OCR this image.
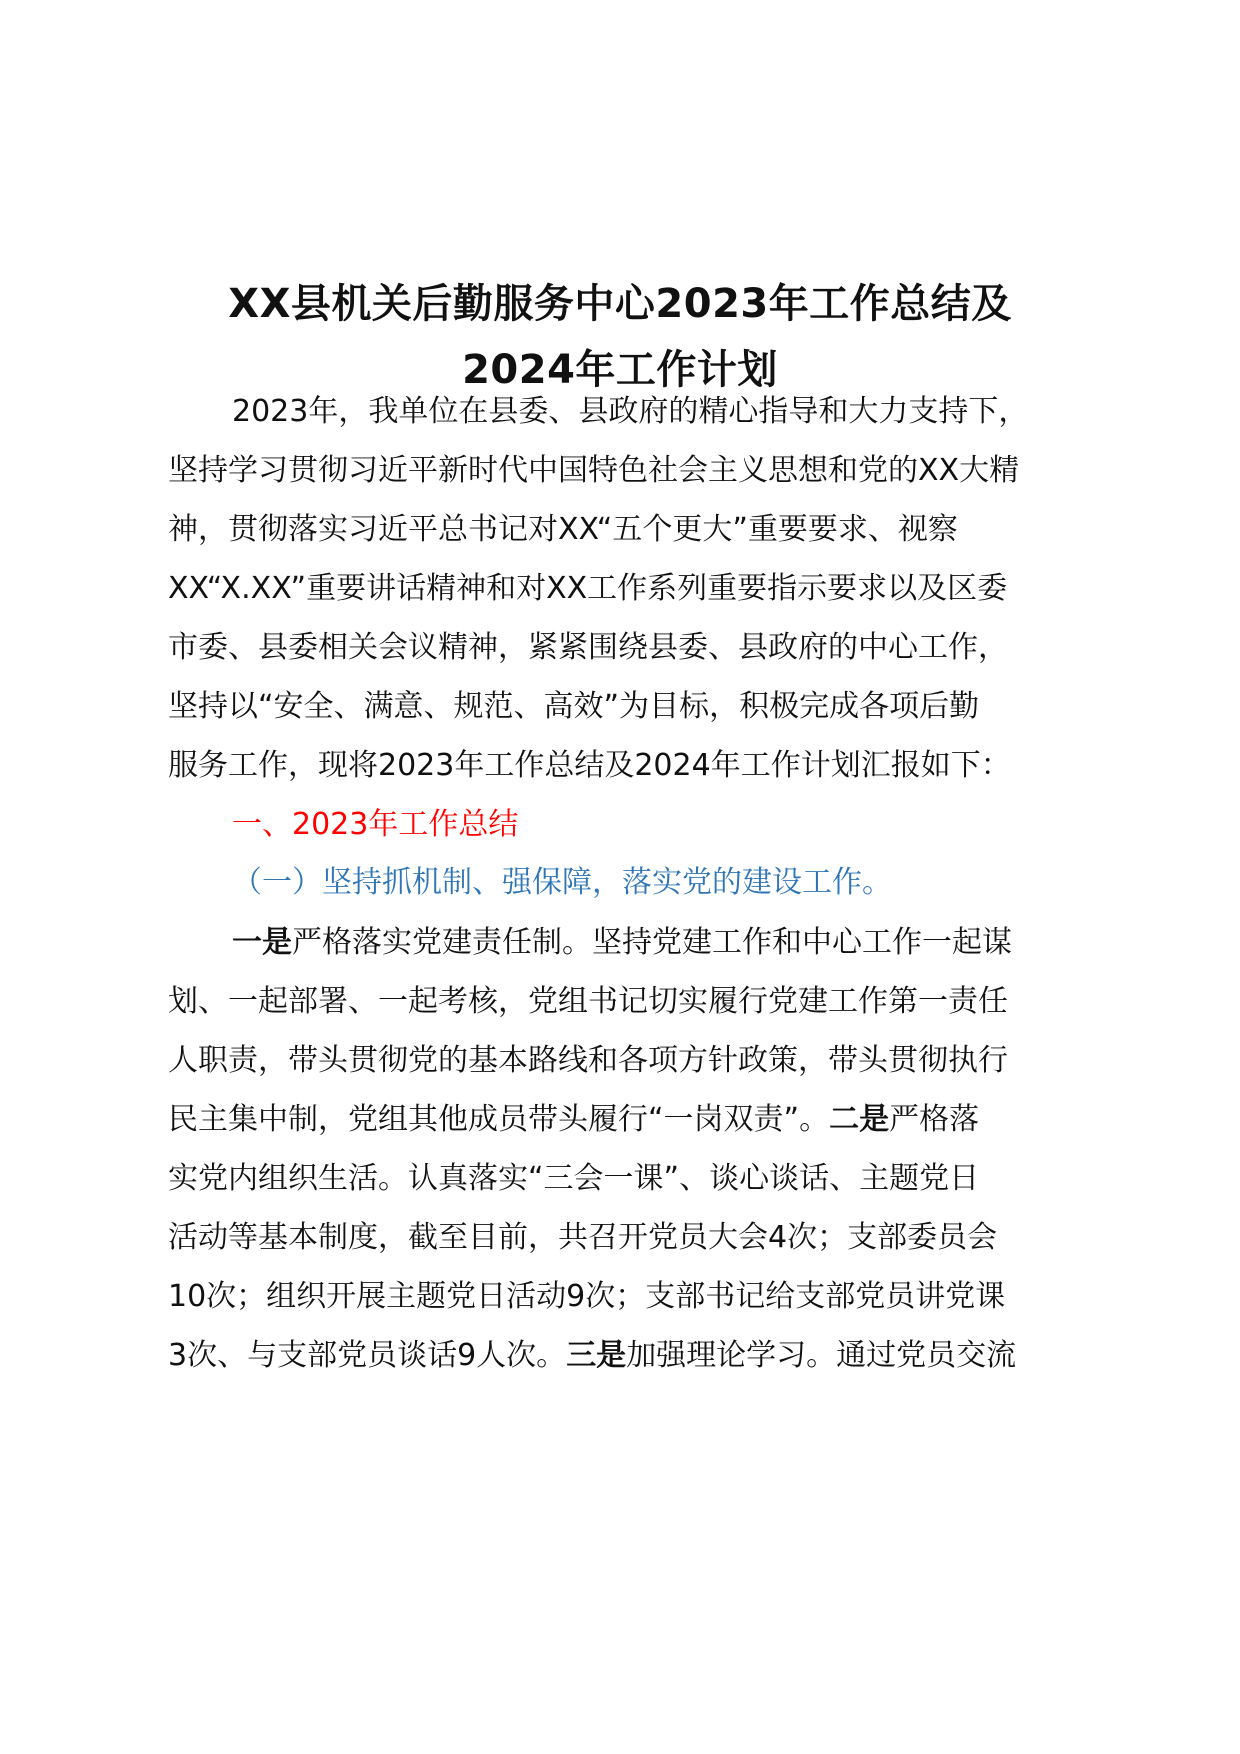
XX县机关后勤服务中心2023年工作总结及
2024年工作计划
2023年，我单位在县委、县政府的精心指导和大力支持下，
坚持学习贯彻习近平新时代中国特色社会主义思想和党的XX大精
神，贯彻落实习近平总书记对XX“五个更大”重要要求、视察
XX“X.XX”重要讲话精神和对XX工作系列重要指示要求以及区委
市委、县委相关会议精神，紧紧围绕县委、县政府的中心工作，
坚持以“安全、满意、规范、高效”为目标，积极完成各项后勤
服务工作，现将2023年工作总结及2024年工作计划汇报如下：
一、2023年工作总结
（一）坚持抓机制、强保障，落实党的建设工作。
一是严格落实党建责任制。坚持党建工作和中心工作一起谋
划、一起部署、一起考核，党组书记切实履行党建工作第一责任
人职责，带头贯彻党的基本路线和各项方针政策，带头贯彻执行
民主集中制，党组其他成员带头履行“一岗双责”。二是严格落
实党内组织生活。认真落实“三会一课”、谈心谈话、主题党日
活动等基本制度，截至目前，共召开党员大会4次；支部委员会
10次；组织开展主题党日活动9次；支部书记给支部党员讲党课
3次、与支部党员谈话9人次。三是加强理论学习。通过党员交流
